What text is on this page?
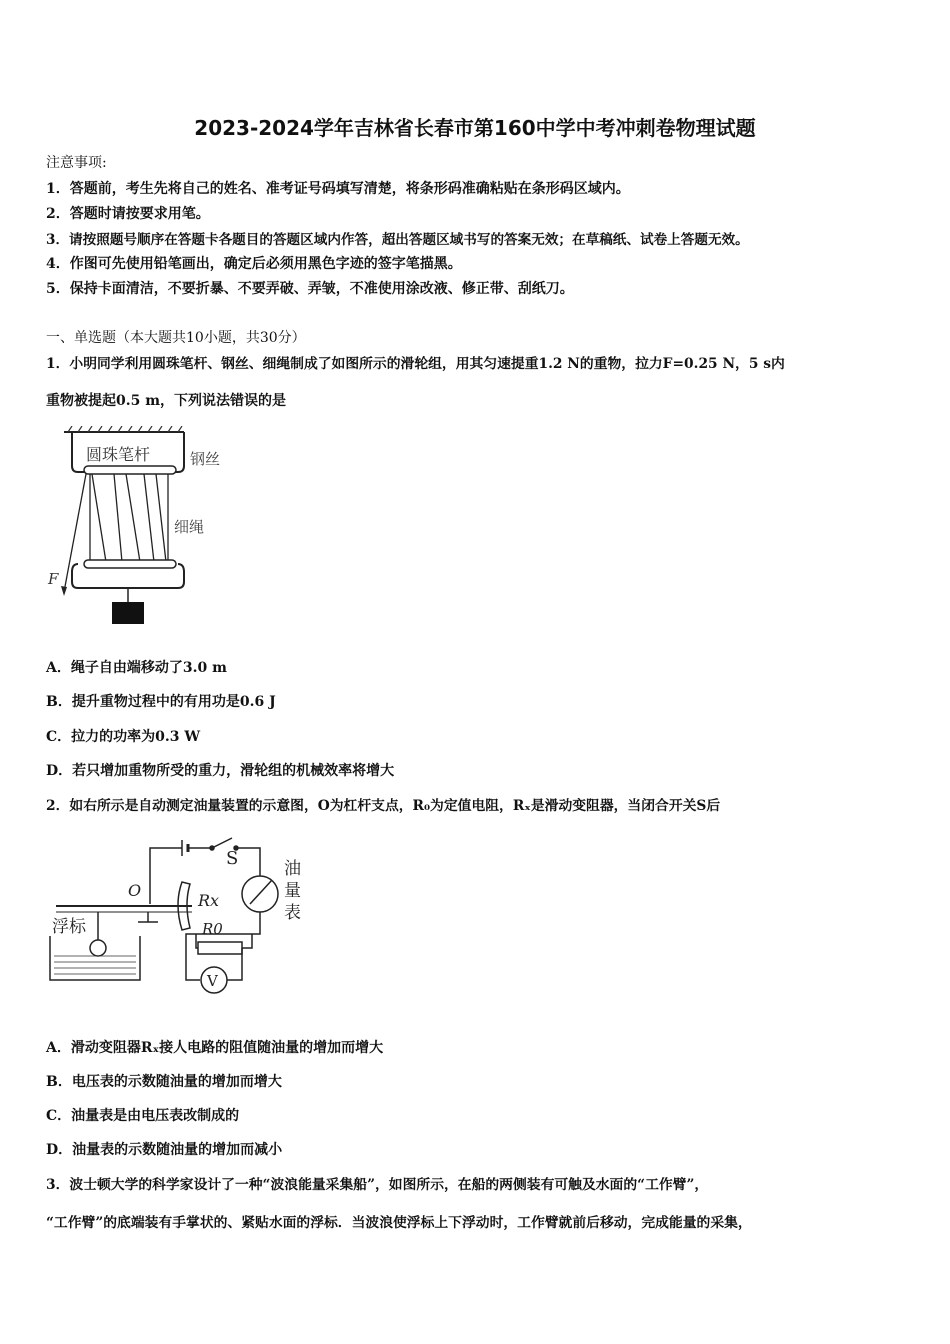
2023-2024学年吉林省长春市第160中学中考冲刺卷物理试题
注意事项:
1．答题前，考生先将自己的姓名、准考证号码填写清楚，将条形码准确粘贴在条形码区域内。
2．答题时请按要求用笔。
3．请按照题号顺序在答题卡各题目的答题区域内作答，超出答题区域书写的答案无效；在草稿纸、试卷上答题无效。
4．作图可先使用铅笔画出，确定后必须用黑色字迹的签字笔描黑。
5．保持卡面清洁，不要折暴、不要弄破、弄皱，不准使用涂改液、修正带、刮纸刀。
一、单选题（本大题共10小题，共30分）
1．小明同学利用圆珠笔杆、钢丝、细绳制成了如图所示的滑轮组，用其匀速提重1.2 N的重物，拉力F=0.25 N，5 s内
重物被提起0.5 m，下列说法错误的是
圆珠笔杆	钢丝
细绳
F
A．绳子自由端移动了3.0 m
B．提升重物过程中的有用功是0.6 J
C．拉力的功率为0.3 W
D．若只增加重物所受的重力，滑轮组的机械效率将增大
2．如右所示是自动测定油量装置的示意图，O为杠杆支点，R₀为定值电阻，Rₓ是滑动变阻器，当闭合开关S后
S
O
Rx
R0
浮标
油
量
表
V
A．滑动变阻器Rₓ接人电路的阻值随油量的增加而增大
B．电压表的示数随油量的增加而增大
C．油量表是由电压表改制成的
D．油量表的示数随油量的增加而减小
3．波士顿大学的科学家设计了一种“波浪能量采集船”，如图所示，在船的两侧装有可触及水面的“工作臂”，
“工作臂”的底端装有手掌状的、紧贴水面的浮标．当波浪使浮标上下浮动时，工作臂就前后移动，完成能量的采集，
